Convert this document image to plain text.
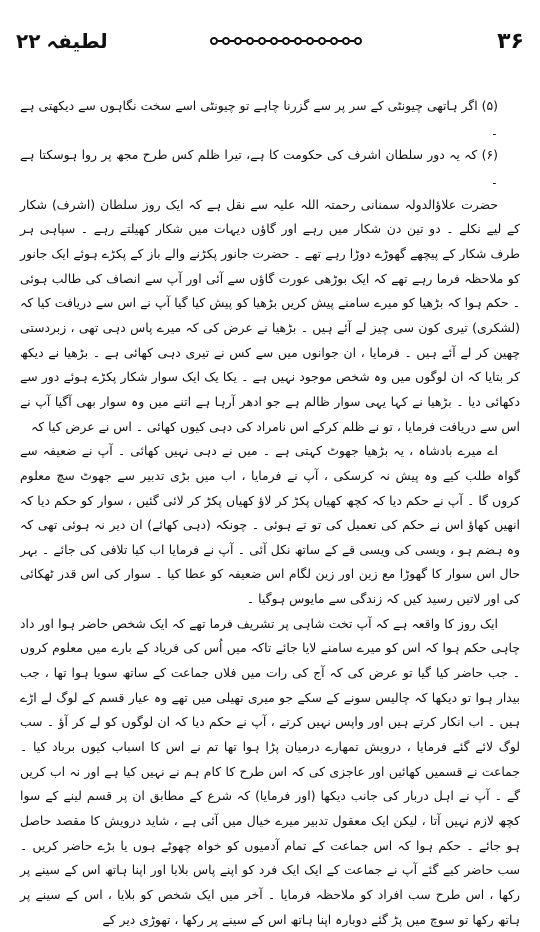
لطیفہ
۲۲	۳۶

(۵) اگر ہاتھی چیونٹی کے سر پر سے گزرنا چاہے تو چیونٹی اسے سخت نگاہوں سے دیکھتی ہے ۔

(۶) کہ یہ دور سلطان اشرف کی حکومت کا ہے، تیرا ظلم کس طرح مجھ پر روا ہوسکتا ہے ۔

حضرت علاؤالدولہ سمنانی رحمتہ اللہ علیہ سے نقل ہے کہ ایک روز سلطان (اشرف) شکار کے لیے نکلے ۔ دو تین دن شکار میں رہے اور گاؤں دیہات میں شکار کھیلتے رہے ۔ سپاہی ہر طرف شکار کے پیچھے گھوڑے دوڑا رہے تھے ۔ حضرت جانور پکڑنے والے باز کے پکڑے ہوئے ایک جانور کو ملاحظہ فرما رہے تھے کہ ایک بوڑھی عورت گاؤں سے آئی اور آپ سے انصاف کی طالب ہوئی ۔ حکم ہوا کہ بڑھیا کو میرے سامنے پیش کریں بڑھیا کو پیش کیا گیا آپ نے اس سے دریافت کیا کہ (لشکری) تیری کون سی چیز لے آئے ہیں ۔ بڑھیا نے عرض کی کہ میرے پاس دہی تھی ، زبردستی چھین کر لے آئے ہیں ۔ فرمایا ، ان جوانوں میں سے کس نے تیری دہی کھائی ہے ۔ بڑھیا نے دیکھ کر بتایا کہ ان لوگوں میں وہ شخص موجود نہیں ہے ۔ یکا یک ایک سوار شکار پکڑے ہوئے دور سے دکھائی دیا ۔ بڑھیا نے کہا یہی سوار ظالم ہے جو ادھر آرہا ہے اتنے میں وہ سوار بھی آگیا آپ نے اس سے دریافت فرمایا ، تو نے ظلم کرکے اس نامراد کی دہی کیوں کھائی ۔ اس نے عرض کیا کہ

اے میرے بادشاہ ، یہ بڑھیا جھوٹ کہتی ہے ۔ میں نے دہی نہیں کھائی ۔ آپ نے ضعیفہ سے گواہ طلب کیے وہ پیش نہ کرسکی ، آپ نے فرمایا ، اب میں بڑی تدبیر سے جھوٹ سچ معلوم کروں گا ۔ آپ نے حکم دیا کہ کچھ کھیاں پکڑ کر لاؤ کھیاں پکڑ کر لائی گئیں ، سوار کو حکم دیا کہ انھیں کھاؤ اس نے حکم کی تعمیل کی تو تے ہوئی ۔ چونکہ (دہی کھائے) ان دیر نہ ہوئی تھی کہ وہ ہضم ہو ، ویسی کی ویسی قے کے ساتھ نکل آئی ۔ آپ نے فرمایا اب کیا تلافی کی جائے ۔ بہر حال اس سوار کا گھوڑا مع زین اور زین لگام اس ضعیفہ کو عطا کیا ۔ سوار کی اس قدر ٹھکائی کی اور لاتیں رسید کیں کہ زندگی سے مایوس ہوگیا ۔

ایک روز کا واقعہ ہے کہ آپ تخت شاہی پر تشریف فرما تھے کہ ایک شخص حاضر ہوا اور داد چاہی حکم ہوا کہ اس کو میرے سامنے لایا جائے تاکہ میں اُس کی فریاد کے بارے میں معلوم کروں ۔ جب حاضر کیا گیا تو عرض کی کہ آج کی رات میں فلاں جماعت کے ساتھ سویا ہوا تھا ، جب بیدار ہوا تو دیکھا کہ چالیس سونے کے سکے جو میری تھیلی میں تھے وہ عیار قسم کے لوگ لے اڑے ہیں ۔ اب انکار کرتے ہیں اور واپس نہیں کرتے ، آپ نے حکم دیا کہ ان لوگوں کو لے کر آؤ ۔ سب لوگ لائے گئے فرمایا ، درویش تمھارے درمیان پڑا ہوا تھا تم نے اس کا اسباب کیوں برباد کیا ۔ جماعت نے قسمیں کھائیں اور عاجزی کی کہ اس طرح کا کام ہم نے نہیں کیا ہے اور نہ اب کریں گے ۔ آپ نے اہل دربار کی جانب دیکھا (اور فرمایا) کہ شرع کے مطابق ان پر قسم لینے کے سوا کچھ لازم نہیں آتا ، لیکن ایک معقول تدبیر میرے خیال میں آئی ہے ، شاید درویش کا مقصد حاصل ہو جائے ۔ حکم ہوا کہ اس جماعت کے تمام آدمیوں کو خواہ چھوٹے ہوں یا بڑے حاضر کریں ۔ سب حاضر کیے گئے آپ نے جماعت کے ایک ایک فرد کو اپنے پاس بلایا اور اپنا ہاتھ اس کے سینے پر رکھا ، اس طرح سب افراد کو ملاحظہ فرمایا ۔ آخر میں ایک شخص کو بلایا ، اس کے سینے پر ہاتھ رکھا تو سوچ میں پڑ گئے دوبارہ اپنا ہاتھ اس کے سینے پر رکھا ، تھوڑی دیر کے
